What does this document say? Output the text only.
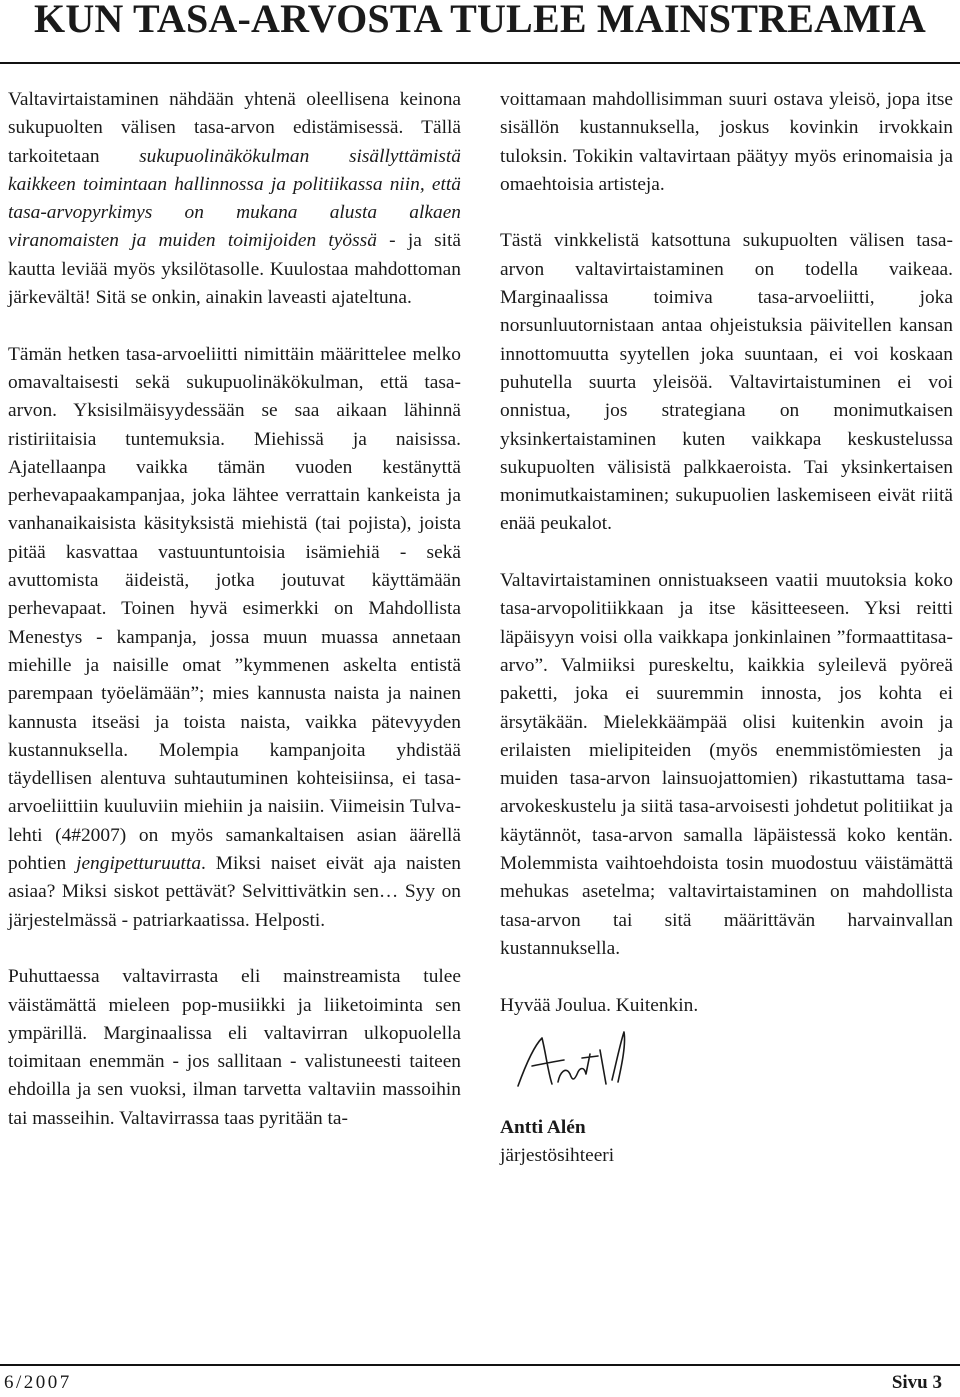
KUN TASA-ARVOSTA TULEE MAINSTREAMIA

Valtavirtaistaminen nähdään yhtenä oleellisena keinona sukupuolten välisen tasa-arvon edistämisessä. Tällä tarkoitetaan sukupuolinäkökulman sisällyttämistä kaikkeen toimintaan hallinnossa ja politiikassa niin, että tasa-arvopyrkimys on mukana alusta alkaen viranomaisten ja muiden toimijoiden työssä - ja sitä kautta leviää myös yksilötasolle. Kuulostaa mahdottoman järkevältä! Sitä se onkin, ainakin laveasti ajateltuna.

Tämän hetken tasa-arvoeliitti nimittäin määrittelee melko omavaltaisesti sekä sukupuolinäkökulman, että tasa-arvon. Yksisilmäisyydessään se saa aikaan lähinnä ristiriitaisia tuntemuksia. Miehissä ja naisissa. Ajatellaanpa vaikka tämän vuoden kestänyttä perhevapaakampanjaa, joka lähtee verrattain kankeista ja vanhanaikaisista käsityksistä miehistä (tai pojista), joista pitää kasvattaa vastuuntuntoisia isämiehiä - sekä avuttomista äideistä, jotka joutuvat käyttämään perhevapaat. Toinen hyvä esimerkki on Mahdollista Menestys - kampanja, jossa muun muassa annetaan miehille ja naisille omat ”kymmenen askelta entistä parempaan työelämään”; mies kannusta naista ja nainen kannusta itseäsi ja toista naista, vaikka pätevyyden kustannuksella. Molempia kampanjoita yhdistää täydellisen alentuva suhtautuminen kohteisiinsa, ei tasa-arvoeliittiin kuuluviin miehiin ja naisiin. Viimeisin Tulva-lehti (4#2007) on myös samankaltaisen asian äärellä pohtien jengipetturuutta. Miksi naiset eivät aja naisten asiaa? Miksi siskot pettävät? Selvittivätkin sen… Syy on järjestelmässä - patriarkaatissa. Helposti.

Puhuttaessa valtavirrasta eli mainstreamista tulee väistämättä mieleen pop-musiikki ja liiketoiminta sen ympärillä. Marginaalissa eli valtavirran ulkopuolella toimitaan enemmän - jos sallitaan - valistuneesti taiteen ehdoilla ja sen vuoksi, ilman tarvetta valtaviin massoihin tai masseihin. Valtavirrassa taas pyritään ta-

voittamaan mahdollisimman suuri ostava yleisö, jopa itse sisällön kustannuksella, joskus kovinkin irvokkain tuloksin. Tokikin valtavirtaan päätyy myös erinomaisia ja omaehtoisia artisteja.

Tästä vinkkelistä katsottuna sukupuolten välisen tasa-arvon valtavirtaistaminen on todella vaikeaa. Marginaalissa toimiva tasa-arvoeliitti, joka norsunluutornistaan antaa ohjeistuksia päivitellen kansan innottomuutta syytellen joka suuntaan, ei voi koskaan puhutella suurta yleisöä. Valtavirtaistuminen ei voi onnistua, jos strategiana on monimutkaisen yksinkertaistaminen kuten vaikkapa keskustelussa sukupuolten välisistä palkkaeroista. Tai yksinkertaisen monimutkaistaminen; sukupuolien laskemiseen eivät riitä enää peukalot.

Valtavirtaistaminen onnistuakseen vaatii muutoksia koko tasa-arvopolitiikkaan ja itse käsitteeseen. Yksi reitti läpäisyyn voisi olla vaikkapa jonkinlainen ”formaattitasa-arvo”. Valmiiksi pureskeltu, kaikkia syleilevä pyöreä paketti, joka ei suuremmin innosta, jos kohta ei ärsytäkään. Mielekkäämpää olisi kuitenkin avoin ja erilaisten mielipiteiden (myös enemmistömiesten ja muiden tasa-arvon lainsuojattomien) rikastuttama tasa-arvokeskustelu ja siitä tasa-arvoisesti johdetut politiikat ja käytännöt, tasa-arvon samalla läpäistessä koko kentän. Molemmista vaihtoehdoista tosin muodostuu väistämättä mehukas asetelma; valtavirtaistaminen on mahdollista tasa-arvon tai sitä määrittävän harvainvallan kustannuksella.

Hyvää Joulua. Kuitenkin.

Antti Alén

järjestösihteeri

6/2007	Sivu 3
